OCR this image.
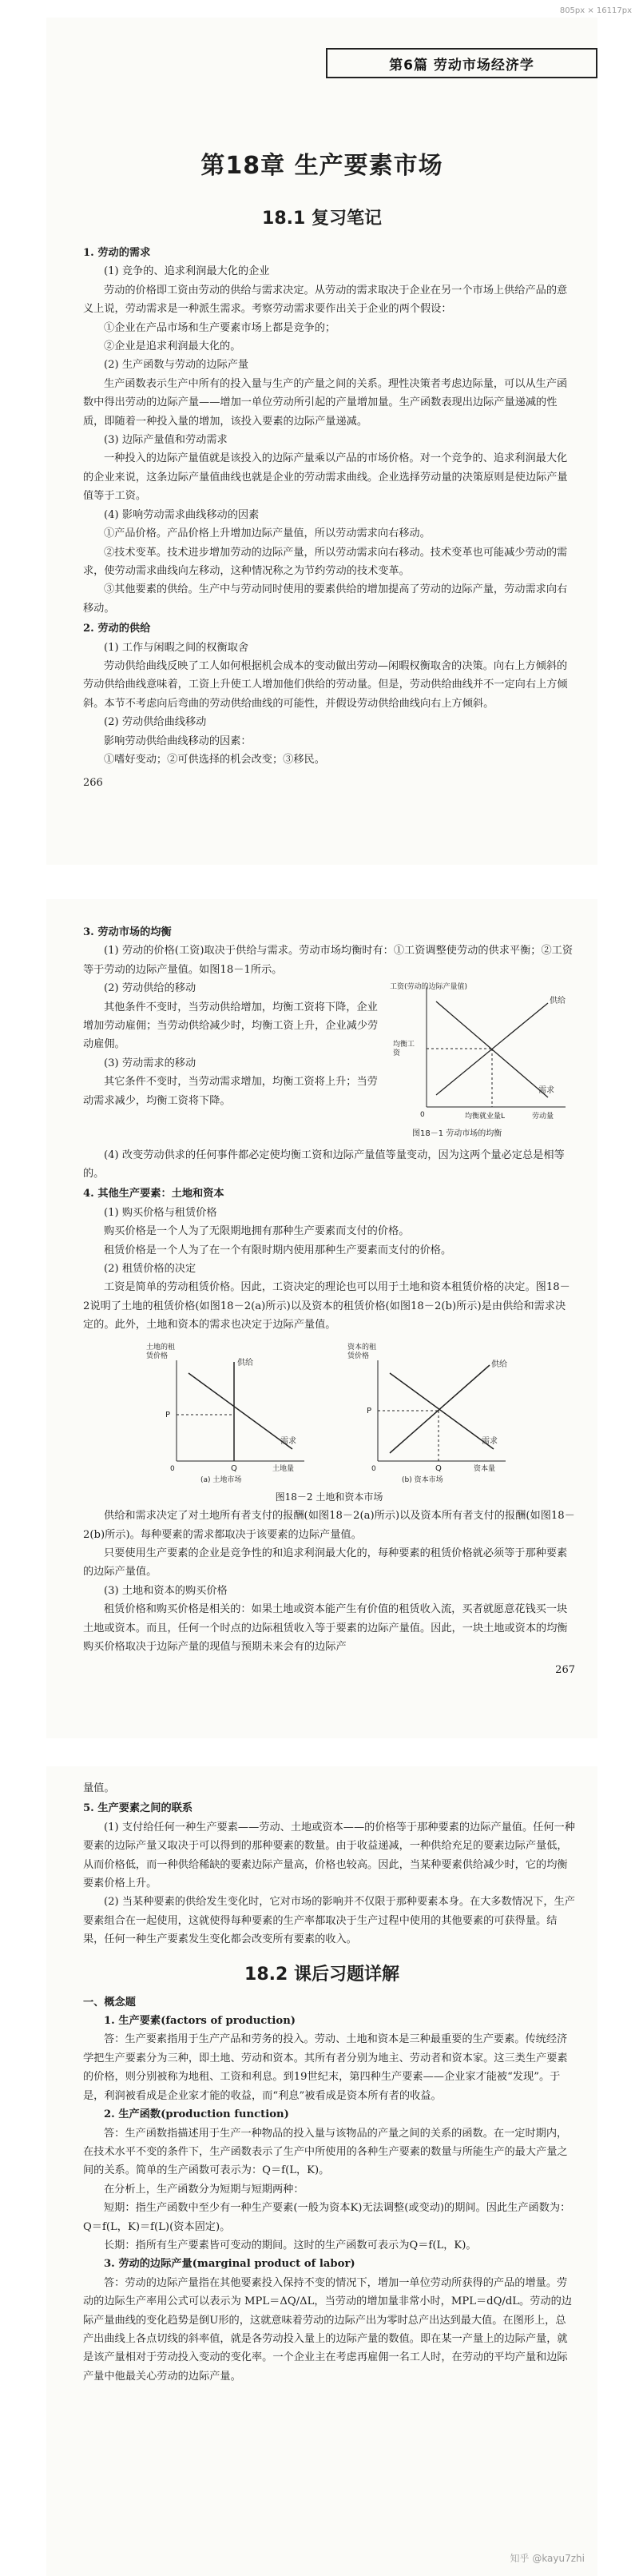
805px × 16117px
第6篇 劳动市场经济学
第18章 生产要素市场
18.1 复习笔记

1. 劳动的需求

(1) 竞争的、追求利润最大化的企业

劳动的价格即工资由劳动的供给与需求决定。从劳动的需求取决于企业在另一个市场上供给产品的意义上说，劳动需求是一种派生需求。考察劳动需求要作出关于企业的两个假设：

①企业在产品市场和生产要素市场上都是竞争的；

②企业是追求利润最大化的。

(2) 生产函数与劳动的边际产量

生产函数表示生产中所有的投入量与生产的产量之间的关系。理性决策者考虑边际量，可以从生产函数中得出劳动的边际产量——增加一单位劳动所引起的产量增加量。生产函数表现出边际产量递减的性质，即随着一种投入量的增加，该投入要素的边际产量递减。

(3) 边际产量值和劳动需求

一种投入的边际产量值就是该投入的边际产量乘以产品的市场价格。对一个竞争的、追求利润最大化的企业来说，这条边际产量值曲线也就是企业的劳动需求曲线。企业选择劳动量的决策原则是使边际产量值等于工资。

(4) 影响劳动需求曲线移动的因素

①产品价格。产品价格上升增加边际产量值，所以劳动需求向右移动。

②技术变革。技术进步增加劳动的边际产量，所以劳动需求向右移动。技术变革也可能减少劳动的需求，使劳动需求曲线向左移动，这种情况称之为节约劳动的技术变革。

③其他要素的供给。生产中与劳动同时使用的要素供给的增加提高了劳动的边际产量，劳动需求向右移动。

2. 劳动的供给

(1) 工作与闲暇之间的权衡取舍

劳动供给曲线反映了工人如何根据机会成本的变动做出劳动—闲暇权衡取舍的决策。向右上方倾斜的劳动供给曲线意味着，工资上升使工人增加他们供给的劳动量。但是，劳动供给曲线并不一定向右上方倾斜。本节不考虑向后弯曲的劳动供给曲线的可能性，并假设劳动供给曲线向右上方倾斜。

(2) 劳动供给曲线移动

影响劳动供给曲线移动的因素：

①嗜好变动；②可供选择的机会改变；③移民。

266

3. 劳动市场的均衡

(1) 劳动的价格(工资)取决于供给与需求。劳动市场均衡时有：①工资调整使劳动的供求平衡；②工资等于劳动的边际产量值。如图18－1所示。

(2) 劳动供给的移动

其他条件不变时，当劳动供给增加，均衡工资将下降，企业增加劳动雇佣；当劳动供给减少时，均衡工资上升，企业减少劳动雇佣。

(3) 劳动需求的移动

其它条件不变时，当劳动需求增加，均衡工资将上升；当劳动需求减少，均衡工资将下降。

工资(劳动的边际产量值)
供给
需求
均衡工
资
0	均衡就业量L	劳动量
图18－1 劳动市场的均衡

(4) 改变劳动供求的任何事件都必定使均衡工资和边际产量值等量变动，因为这两个量必定总是相等的。

4. 其他生产要素：土地和资本

(1) 购买价格与租赁价格

购买价格是一个人为了无限期地拥有那种生产要素而支付的价格。

租赁价格是一个人为了在一个有限时期内使用那种生产要素而支付的价格。

(2) 租赁价格的决定

工资是简单的劳动租赁价格。因此，工资决定的理论也可以用于土地和资本租赁价格的决定。图18－2说明了土地的租赁价格(如图18－2(a)所示)以及资本的租赁价格(如图18－2(b)所示)是由供给和需求决定的。此外，土地和资本的需求也决定于边际产量值。

土地的租
赁价格
供给
需求
P
Q
0	土地量
(a) 土地市场
资本的租
赁价格
供给
需求
P
Q
0	资本量
(b) 资本市场
图18－2 土地和资本市场

供给和需求决定了对土地所有者支付的报酬(如图18－2(a)所示)以及资本所有者支付的报酬(如图18－2(b)所示)。每种要素的需求都取决于该要素的边际产量值。

只要使用生产要素的企业是竞争性的和追求利润最大化的，每种要素的租赁价格就必须等于那种要素的边际产量值。

(3) 土地和资本的购买价格

租赁价格和购买价格是相关的：如果土地或资本能产生有价值的租赁收入流，买者就愿意花钱买一块土地或资本。而且，任何一个时点的边际租赁收入等于要素的边际产量值。因此，一块土地或资本的均衡购买价格取决于边际产量的现值与预期未来会有的边际产

267

量值。

5. 生产要素之间的联系

(1) 支付给任何一种生产要素——劳动、土地或资本——的价格等于那种要素的边际产量值。任何一种要素的边际产量又取决于可以得到的那种要素的数量。由于收益递减，一种供给充足的要素边际产量低，从而价格低，而一种供给稀缺的要素边际产量高，价格也较高。因此，当某种要素供给减少时，它的均衡要素价格上升。

(2) 当某种要素的供给发生变化时，它对市场的影响并不仅限于那种要素本身。在大多数情况下，生产要素组合在一起使用，这就使得每种要素的生产率都取决于生产过程中使用的其他要素的可获得量。结果，任何一种生产要素发生变化都会改变所有要素的收入。

18.2 课后习题详解

一、概念题

1. 生产要素(factors of production)

答：生产要素指用于生产产品和劳务的投入。劳动、土地和资本是三种最重要的生产要素。传统经济学把生产要素分为三种，即土地、劳动和资本。其所有者分别为地主、劳动者和资本家。这三类生产要素的价格，则分别被称为地租、工资和利息。到19世纪末，第四种生产要素——企业家才能被“发现”。于是，利润被看成是企业家才能的收益，而“利息”被看成是资本所有者的收益。

2. 生产函数(production function)

答：生产函数指描述用于生产一种物品的投入量与该物品的产量之间的关系的函数。在一定时期内，在技术水平不变的条件下，生产函数表示了生产中所使用的各种生产要素的数量与所能生产的最大产量之间的关系。简单的生产函数可表示为：Q＝f(L，K)。

在分析上，生产函数分为短期与短期两种：

短期：指生产函数中至少有一种生产要素(一般为资本K)无法调整(或变动)的期间。因此生产函数为：Q＝f(L，K)＝f(L)(资本固定)。

长期：指所有生产要素皆可变动的期间。这时的生产函数可表示为Q＝f(L，K)。

3. 劳动的边际产量(marginal product of labor)

答：劳动的边际产量指在其他要素投入保持不变的情况下，增加一单位劳动所获得的产品的增量。劳动的边际生产率用公式可以表示为 MPL＝ΔQ/ΔL，当劳动的增加量非常小时，MPL＝dQ/dL。劳动的边际产量曲线的变化趋势是倒U形的，这就意味着劳动的边际产出为零时总产出达到最大值。在图形上，总产出曲线上各点切线的斜率值，就是各劳动投入量上的边际产量的数值。即在某一产量上的边际产量，就是该产量相对于劳动投入变动的变化率。一个企业主在考虑再雇佣一名工人时，在劳动的平均产量和边际产量中他最关心劳动的边际产量。

知乎 @kayu7zhi
